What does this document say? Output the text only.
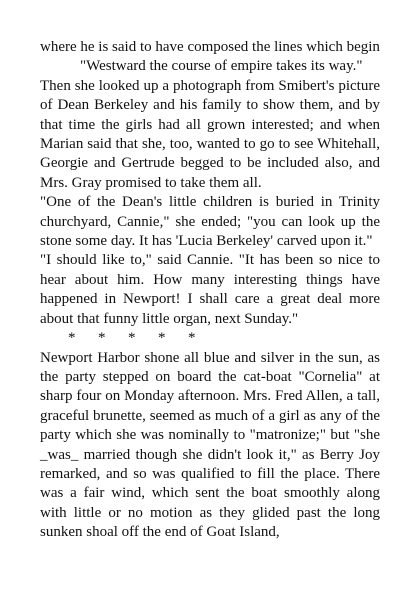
where he is said to have composed the lines which begin

"Westward the course of empire takes its way."

Then she looked up a photograph from Smibert's picture of Dean Berkeley and his family to show them, and by that time the girls had all grown interested; and when Marian said that she, too, wanted to go to see Whitehall, Georgie and Gertrude begged to be included also, and Mrs. Gray promised to take them all.

"One of the Dean's little children is buried in Trinity churchyard, Cannie," she ended; "you can look up the stone some day. It has 'Lucia Berkeley' carved upon it."

"I should like to," said Cannie. "It has been so nice to hear about him. How many interesting things have happened in Newport! I shall care a great deal more about that funny little organ, next Sunday."

*      *      *      *      *

Newport Harbor shone all blue and silver in the sun, as the party stepped on board the cat-boat "Cornelia" at sharp four on Monday afternoon. Mrs. Fred Allen, a tall, graceful brunette, seemed as much of a girl as any of the party which she was nominally to "matronize;" but "she _was_ married though she didn't look it," as Berry Joy remarked, and so was qualified to fill the place. There was a fair wind, which sent the boat smoothly along with little or no motion as they glided past the long sunken shoal off the end of Goat Island,
